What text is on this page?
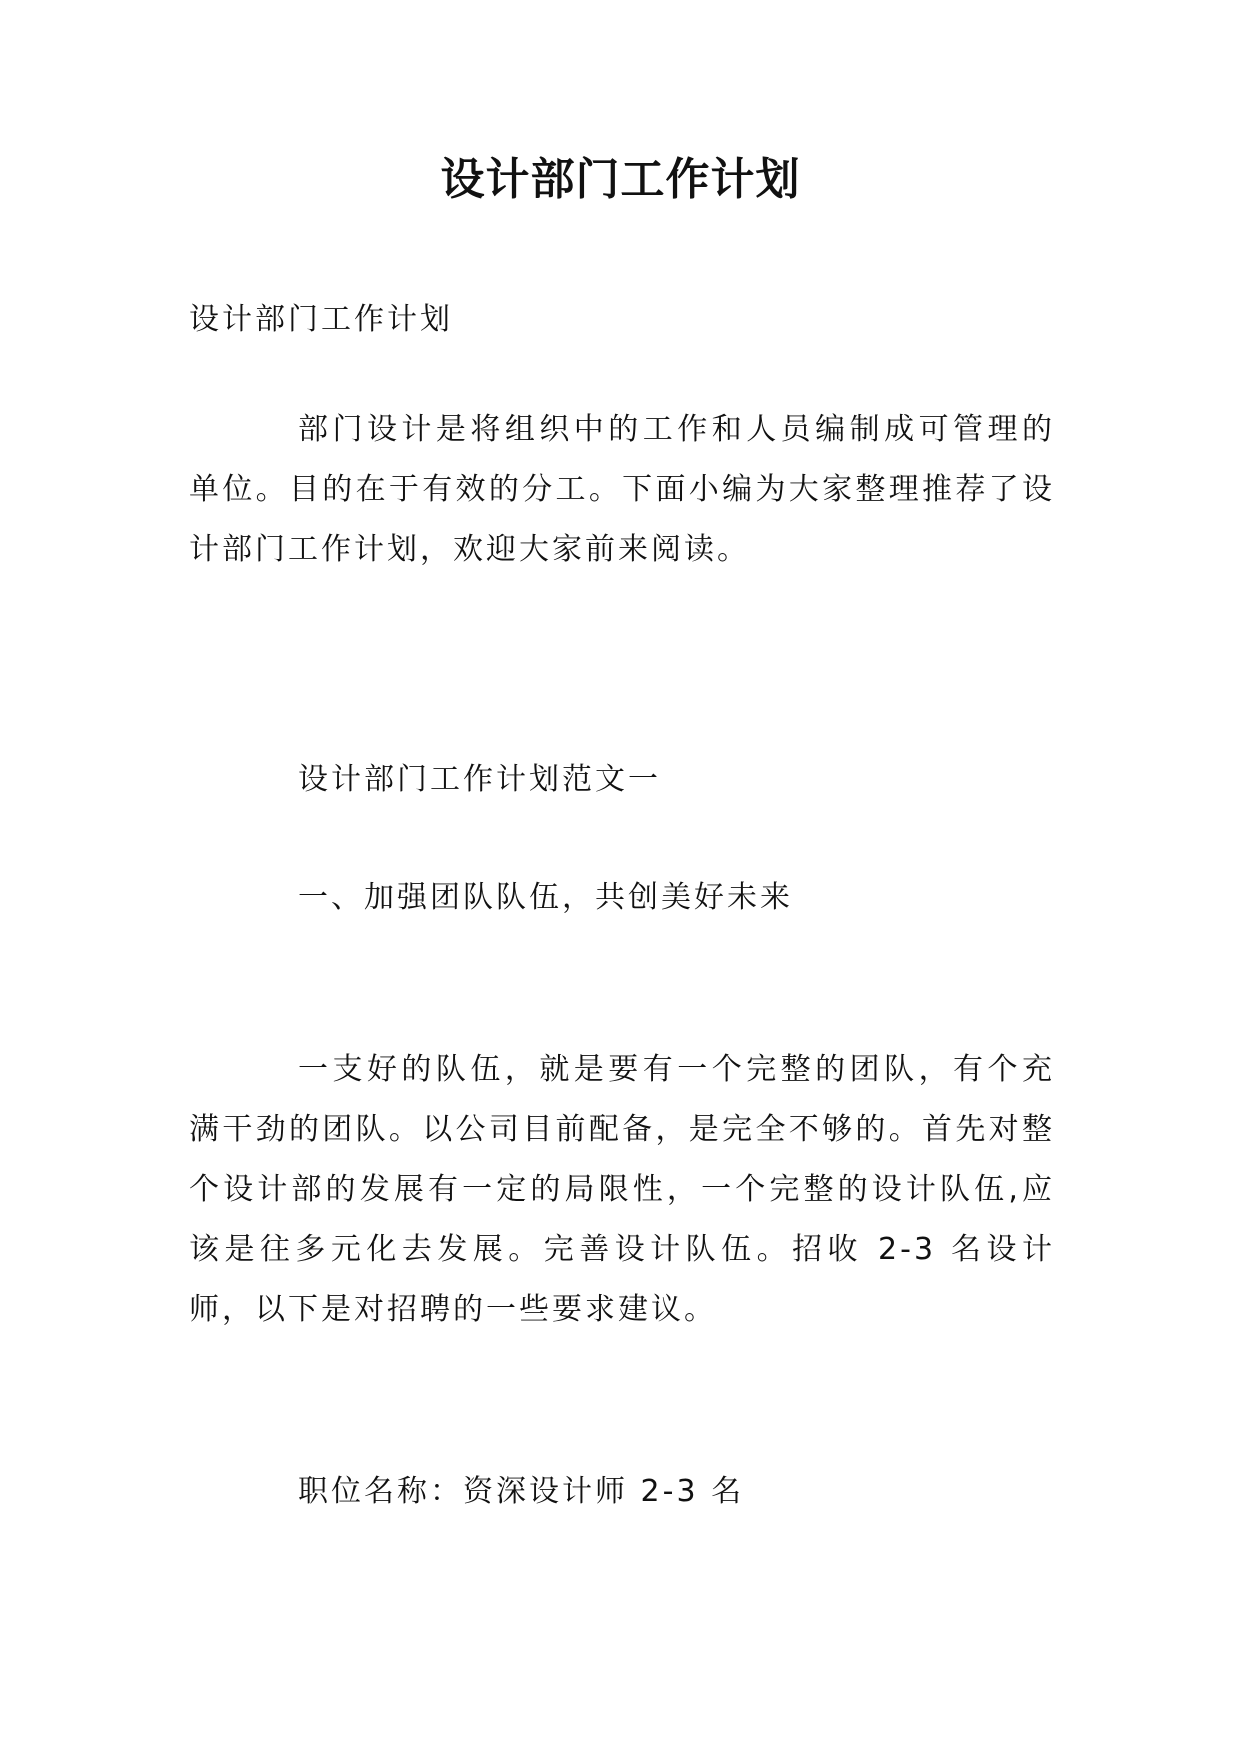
设计部门工作计划

设计部门工作计划

部门设计是将组织中的工作和人员编制成可管理的单位。目的在于有效的分工。下面小编为大家整理推荐了设计部门工作计划，欢迎大家前来阅读。

设计部门工作计划范文一

一、加强团队队伍，共创美好未来

一支好的队伍，就是要有一个完整的团队，有个充满干劲的团队。以公司目前配备，是完全不够的。首先对整个设计部的发展有一定的局限性，一个完整的设计队伍,应该是往多元化去发展。完善设计队伍。招收 2-3 名设计师，以下是对招聘的一些要求建议。

职位名称：资深设计师 2-3 名
